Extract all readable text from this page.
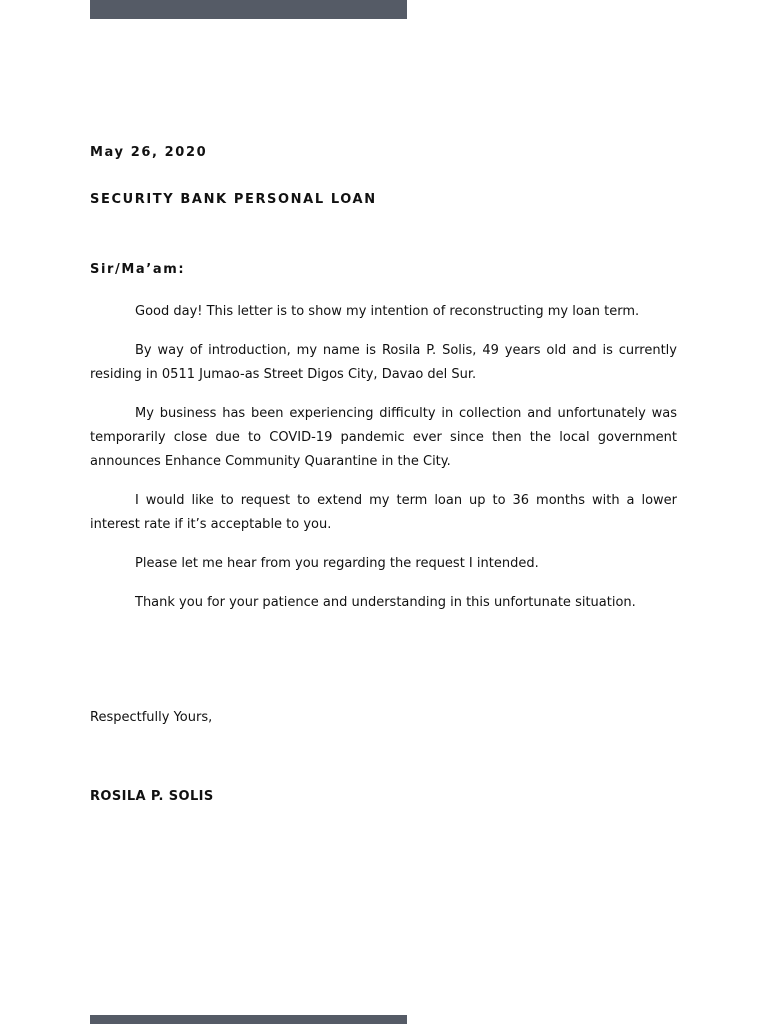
May 26, 2020
SECURITY BANK PERSONAL LOAN
Sir/Ma’am:

Good day! This letter is to show my intention of reconstructing my loan term.

By way of introduction, my name is Rosila P. Solis, 49 years old and is currently residing in 0511 Jumao-as Street Digos City, Davao del Sur.

My business has been experiencing difficulty in collection and unfortunately was temporarily close due to COVID-19 pandemic ever since then the local government announces Enhance Community Quarantine in the City.

I would like to request to extend my term loan up to 36 months with a lower interest rate if it’s acceptable to you.

Please let me hear from you regarding the request I intended.

Thank you for your patience and understanding in this unfortunate situation.

Respectfully Yours,
ROSILA P. SOLIS
